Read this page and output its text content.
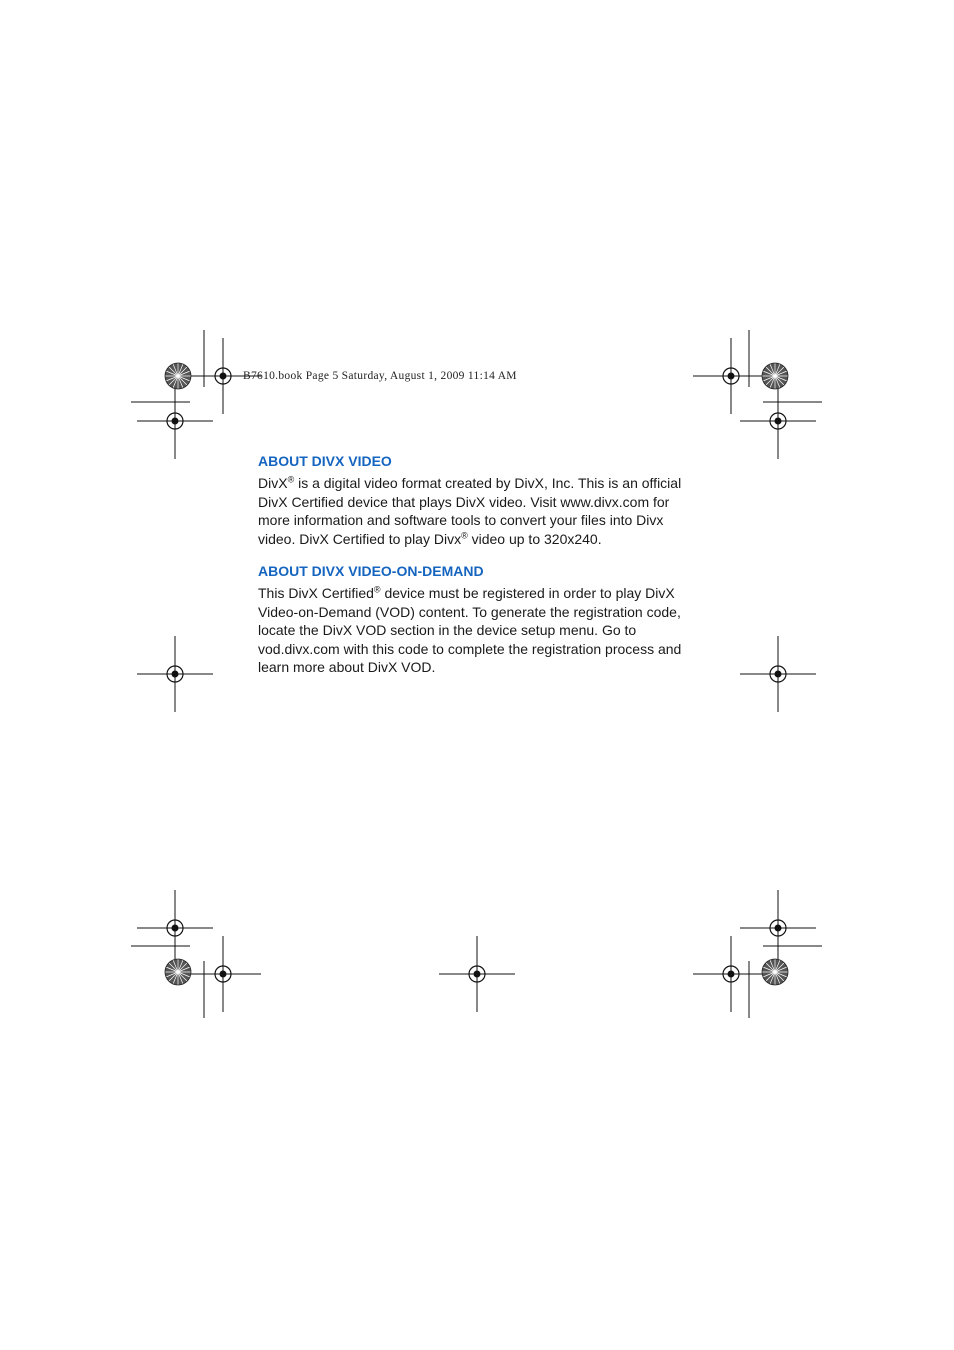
B7610.book Page 5 Saturday, August 1, 2009 11:14 AM
ABOUT DIVX VIDEO

DivX® is a digital video format created by DivX, Inc. This is an official DivX Certified device that plays DivX video. Visit www.divx.com for more information and software tools to convert your files into Divx video. DivX Certified to play Divx® video up to 320x240.

ABOUT DIVX VIDEO-ON-DEMAND

This DivX Certified® device must be registered in order to play DivX Video-on-Demand (VOD) content. To generate the registration code, locate the DivX VOD section in the device setup menu. Go to vod.divx.com with this code to complete the registration process and learn more about DivX VOD.
